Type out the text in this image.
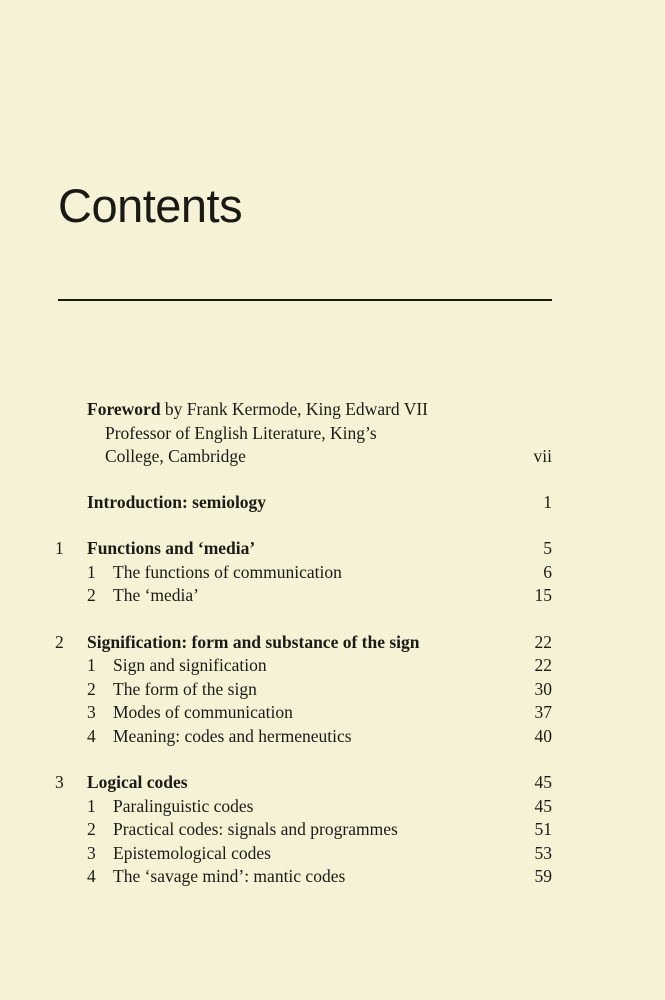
Contents
Foreword by Frank Kermode, King Edward VII
Professor of English Literature, King’s
College, Cambridge	vii
Introduction: semiology	1
1	Functions and ‘media’	5
1 The functions of communication	6
2 The ‘media’	15
2	Signification: form and substance of the sign	22
1 Sign and signification	22
2 The form of the sign	30
3 Modes of communication	37
4 Meaning: codes and hermeneutics	40
3	Logical codes	45
1 Paralinguistic codes	45
2 Practical codes: signals and programmes	51
3 Epistemological codes	53
4 The ‘savage mind’: mantic codes	59
